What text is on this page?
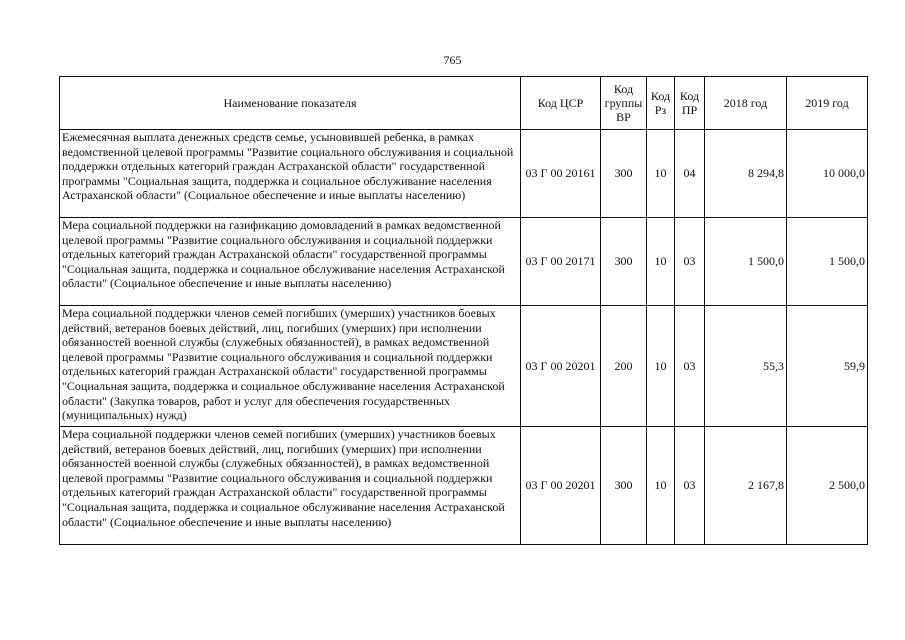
765
Наименование показателя	Код ЦСР	Код группы ВР	Код Рз	Код ПР	2018 год	2019 год
Ежемесячная выплата денежных средств семье, усыновившей ребенка, в рамках ведомственной целевой программы "Развитие социального обслуживания и социальной поддержки отдельных категорий граждан Астраханской области" государственной программы "Социальная защита, поддержка и социальное обслуживание населения Астраханской области" (Социальное обеспечение и иные выплаты населению)	03 Г 00 20161	300	10	04	8 294,8	10 000,0
Мера социальной поддержки на газификацию домовладений в рамках ведомственной целевой программы "Развитие социального обслуживания и социальной поддержки отдельных категорий граждан Астраханской области" государственной программы "Социальная защита, поддержка и социальное обслуживание населения Астраханской области" (Социальное обеспечение и иные выплаты населению)	03 Г 00 20171	300	10	03	1 500,0	1 500,0
Мера социальной поддержки членов семей погибших (умерших) участников боевых действий, ветеранов боевых действий, лиц, погибших (умерших) при исполнении обязанностей военной службы (служебных обязанностей), в рамках ведомственной целевой программы "Развитие социального обслуживания и социальной поддержки отдельных категорий граждан Астраханской области" государственной программы "Социальная защита, поддержка и социальное обслуживание населения Астраханской области" (Закупка товаров, работ и услуг для обеспечения государственных (муниципальных) нужд)	03 Г 00 20201	200	10	03	55,3	59,9
Мера социальной поддержки членов семей погибших (умерших) участников боевых действий, ветеранов боевых действий, лиц, погибших (умерших) при исполнении обязанностей военной службы (служебных обязанностей), в рамках ведомственной целевой программы "Развитие социального обслуживания и социальной поддержки отдельных категорий граждан Астраханской области" государственной программы "Социальная защита, поддержка и социальное обслуживание населения Астраханской области" (Социальное обеспечение и иные выплаты населению)	03 Г 00 20201	300	10	03	2 167,8	2 500,0
